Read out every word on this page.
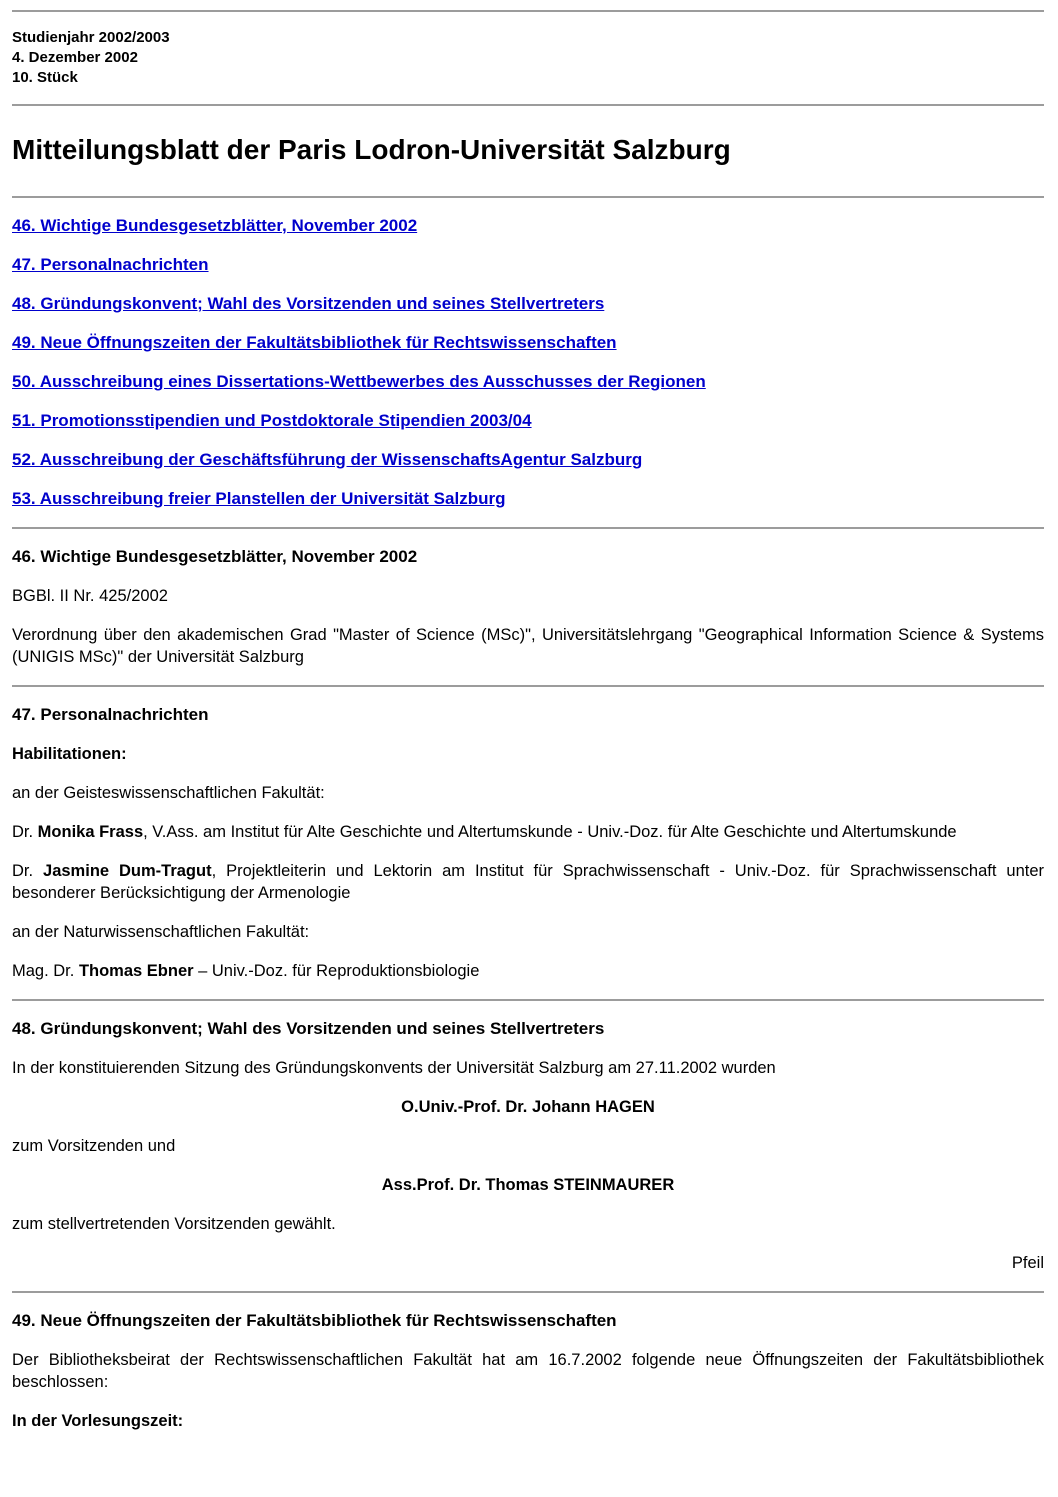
Studienjahr 2002/2003

4. Dezember 2002

10. Stück

Mitteilungsblatt der Paris Lodron-Universität Salzburg

46. Wichtige Bundesgesetzblätter, November 2002

47. Personalnachrichten

48. Gründungskonvent; Wahl des Vorsitzenden und seines Stellvertreters

49. Neue Öffnungszeiten der Fakultätsbibliothek für Rechtswissenschaften

50. Ausschreibung eines Dissertations-Wettbewerbes des Ausschusses der Regionen

51. Promotionsstipendien und Postdoktorale Stipendien 2003/04

52. Ausschreibung der Geschäftsführung der WissenschaftsAgentur Salzburg

53. Ausschreibung freier Planstellen der Universität Salzburg

46. Wichtige Bundesgesetzblätter, November 2002

BGBl. II Nr. 425/2002

Verordnung über den akademischen Grad "Master of Science (MSc)", Universitätslehrgang "Geographical Information Science & Systems (UNIGIS MSc)" der Universität Salzburg

47. Personalnachrichten

Habilitationen:

an der Geisteswissenschaftlichen Fakultät:

Dr. Monika Frass, V.Ass. am Institut für Alte Geschichte und Altertumskunde - Univ.-Doz. für Alte Geschichte und Altertumskunde

Dr. Jasmine Dum-Tragut, Projektleiterin und Lektorin am Institut für Sprachwissenschaft - Univ.-Doz. für Sprachwissenschaft unter besonderer Berücksichtigung der Armenologie

an der Naturwissenschaftlichen Fakultät:

Mag. Dr. Thomas Ebner – Univ.-Doz. für Reproduktionsbiologie

48. Gründungskonvent; Wahl des Vorsitzenden und seines Stellvertreters

In der konstituierenden Sitzung des Gründungskonvents der Universität Salzburg am 27.11.2002 wurden

O.Univ.-Prof. Dr. Johann HAGEN

zum Vorsitzenden und

Ass.Prof. Dr. Thomas STEINMAURER

zum stellvertretenden Vorsitzenden gewählt.

Pfeil

49. Neue Öffnungszeiten der Fakultätsbibliothek für Rechtswissenschaften

Der Bibliotheksbeirat der Rechtswissenschaftlichen Fakultät hat am 16.7.2002 folgende neue Öffnungszeiten der Fakultätsbibliothek beschlossen:

In der Vorlesungszeit:
